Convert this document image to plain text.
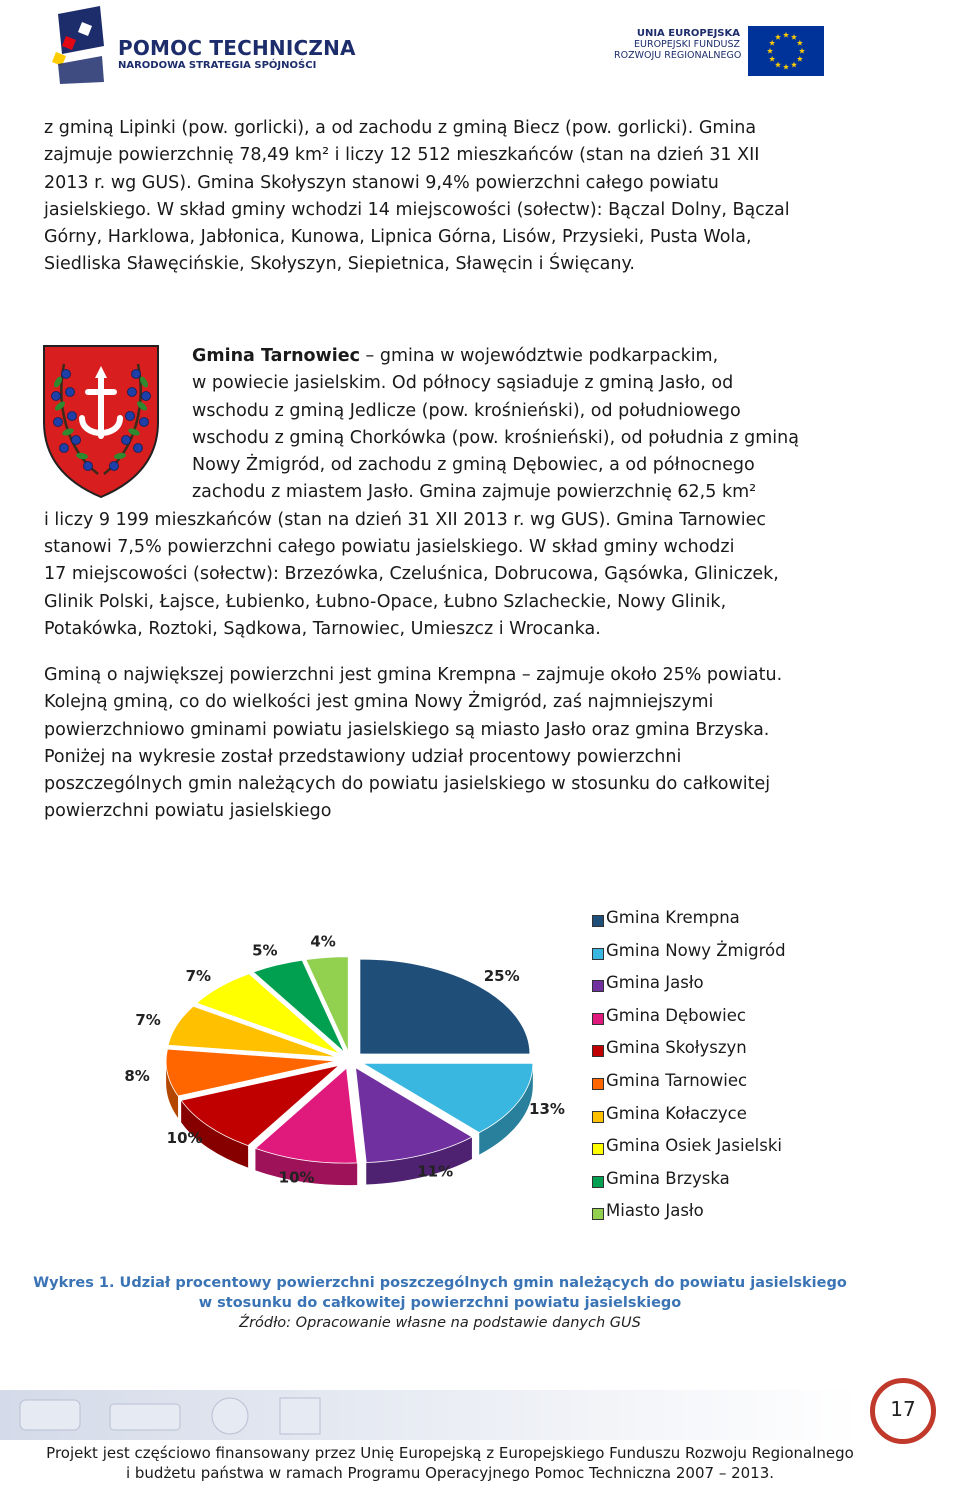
POMOC TECHNICZNA
NARODOWA STRATEGIA SPÓJNOŚCI
UNIA EUROPEJSKA
EUROPEJSKI FUNDUSZ
ROZWOJU REGIONALNEGO
z gminą Lipinki (pow. gorlicki), a od zachodu z gminą Biecz (pow. gorlicki). Gmina
zajmuje powierzchnię 78,49 km² i liczy 12 512 mieszkańców (stan na dzień 31 XII
2013 r. wg GUS). Gmina Skołyszyn stanowi 9,4% powierzchni całego powiatu
jasielskiego. W skład gminy wchodzi 14 miejscowości (sołectw): Bączal Dolny, Bączal
Górny, Harklowa, Jabłonica, Kunowa, Lipnica Górna, Lisów, Przysieki, Pusta Wola,
Siedliska Sławęcińskie, Skołyszyn, Siepietnica, Sławęcin i Święcany.
Gmina Tarnowiec – gmina w województwie podkarpackim,
w powiecie jasielskim. Od północy sąsiaduje z gminą Jasło, od
wschodu z gminą Jedlicze (pow. krośnieński), od południowego
wschodu z gminą Chorkówka (pow. krośnieński), od południa z gminą
Nowy Żmigród, od zachodu z gminą Dębowiec, a od północnego
zachodu z miastem Jasło. Gmina zajmuje powierzchnię 62,5 km²
i liczy 9 199 mieszkańców (stan na dzień 31 XII 2013 r. wg GUS). Gmina Tarnowiec
stanowi 7,5% powierzchni całego powiatu jasielskiego. W skład gminy wchodzi
17 miejscowości (sołectw): Brzezówka, Czeluśnica, Dobrucowa, Gąsówka, Gliniczek,
Glinik Polski, Łajsce, Łubienko, Łubno-Opace, Łubno Szlacheckie, Nowy Glinik,
Potakówka, Roztoki, Sądkowa, Tarnowiec, Umieszcz i Wrocanka.
Gminą o największej powierzchni jest gmina Krempna – zajmuje około 25% powiatu.
Kolejną gminą, co do wielkości jest gmina Nowy Żmigród, zaś najmniejszymi
powierzchniowo gminami powiatu jasielskiego są miasto Jasło oraz gmina Brzyska.
Poniżej na wykresie został przedstawiony udział procentowy powierzchni
poszczególnych gmin należących do powiatu jasielskiego w stosunku do całkowitej
powierzchni powiatu jasielskiego
25%
13%
11%
10%
10%
8%
7%
7%
5% 4%
Gmina Krempna
Gmina Nowy Żmigród
Gmina Jasło
Gmina Dębowiec
Gmina Skołyszyn
Gmina Tarnowiec
Gmina Kołaczyce
Gmina Osiek Jasielski
Gmina Brzyska
Miasto Jasło
Wykres 1. Udział procentowy powierzchni poszczególnych gmin należących do powiatu jasielskiego
w stosunku do całkowitej powierzchni powiatu jasielskiego
Źródło: Opracowanie własne na podstawie danych GUS
17
Projekt jest częściowo finansowany przez Unię Europejską z Europejskiego Funduszu Rozwoju Regionalnego
i budżetu państwa w ramach Programu Operacyjnego Pomoc Techniczna 2007 – 2013.
